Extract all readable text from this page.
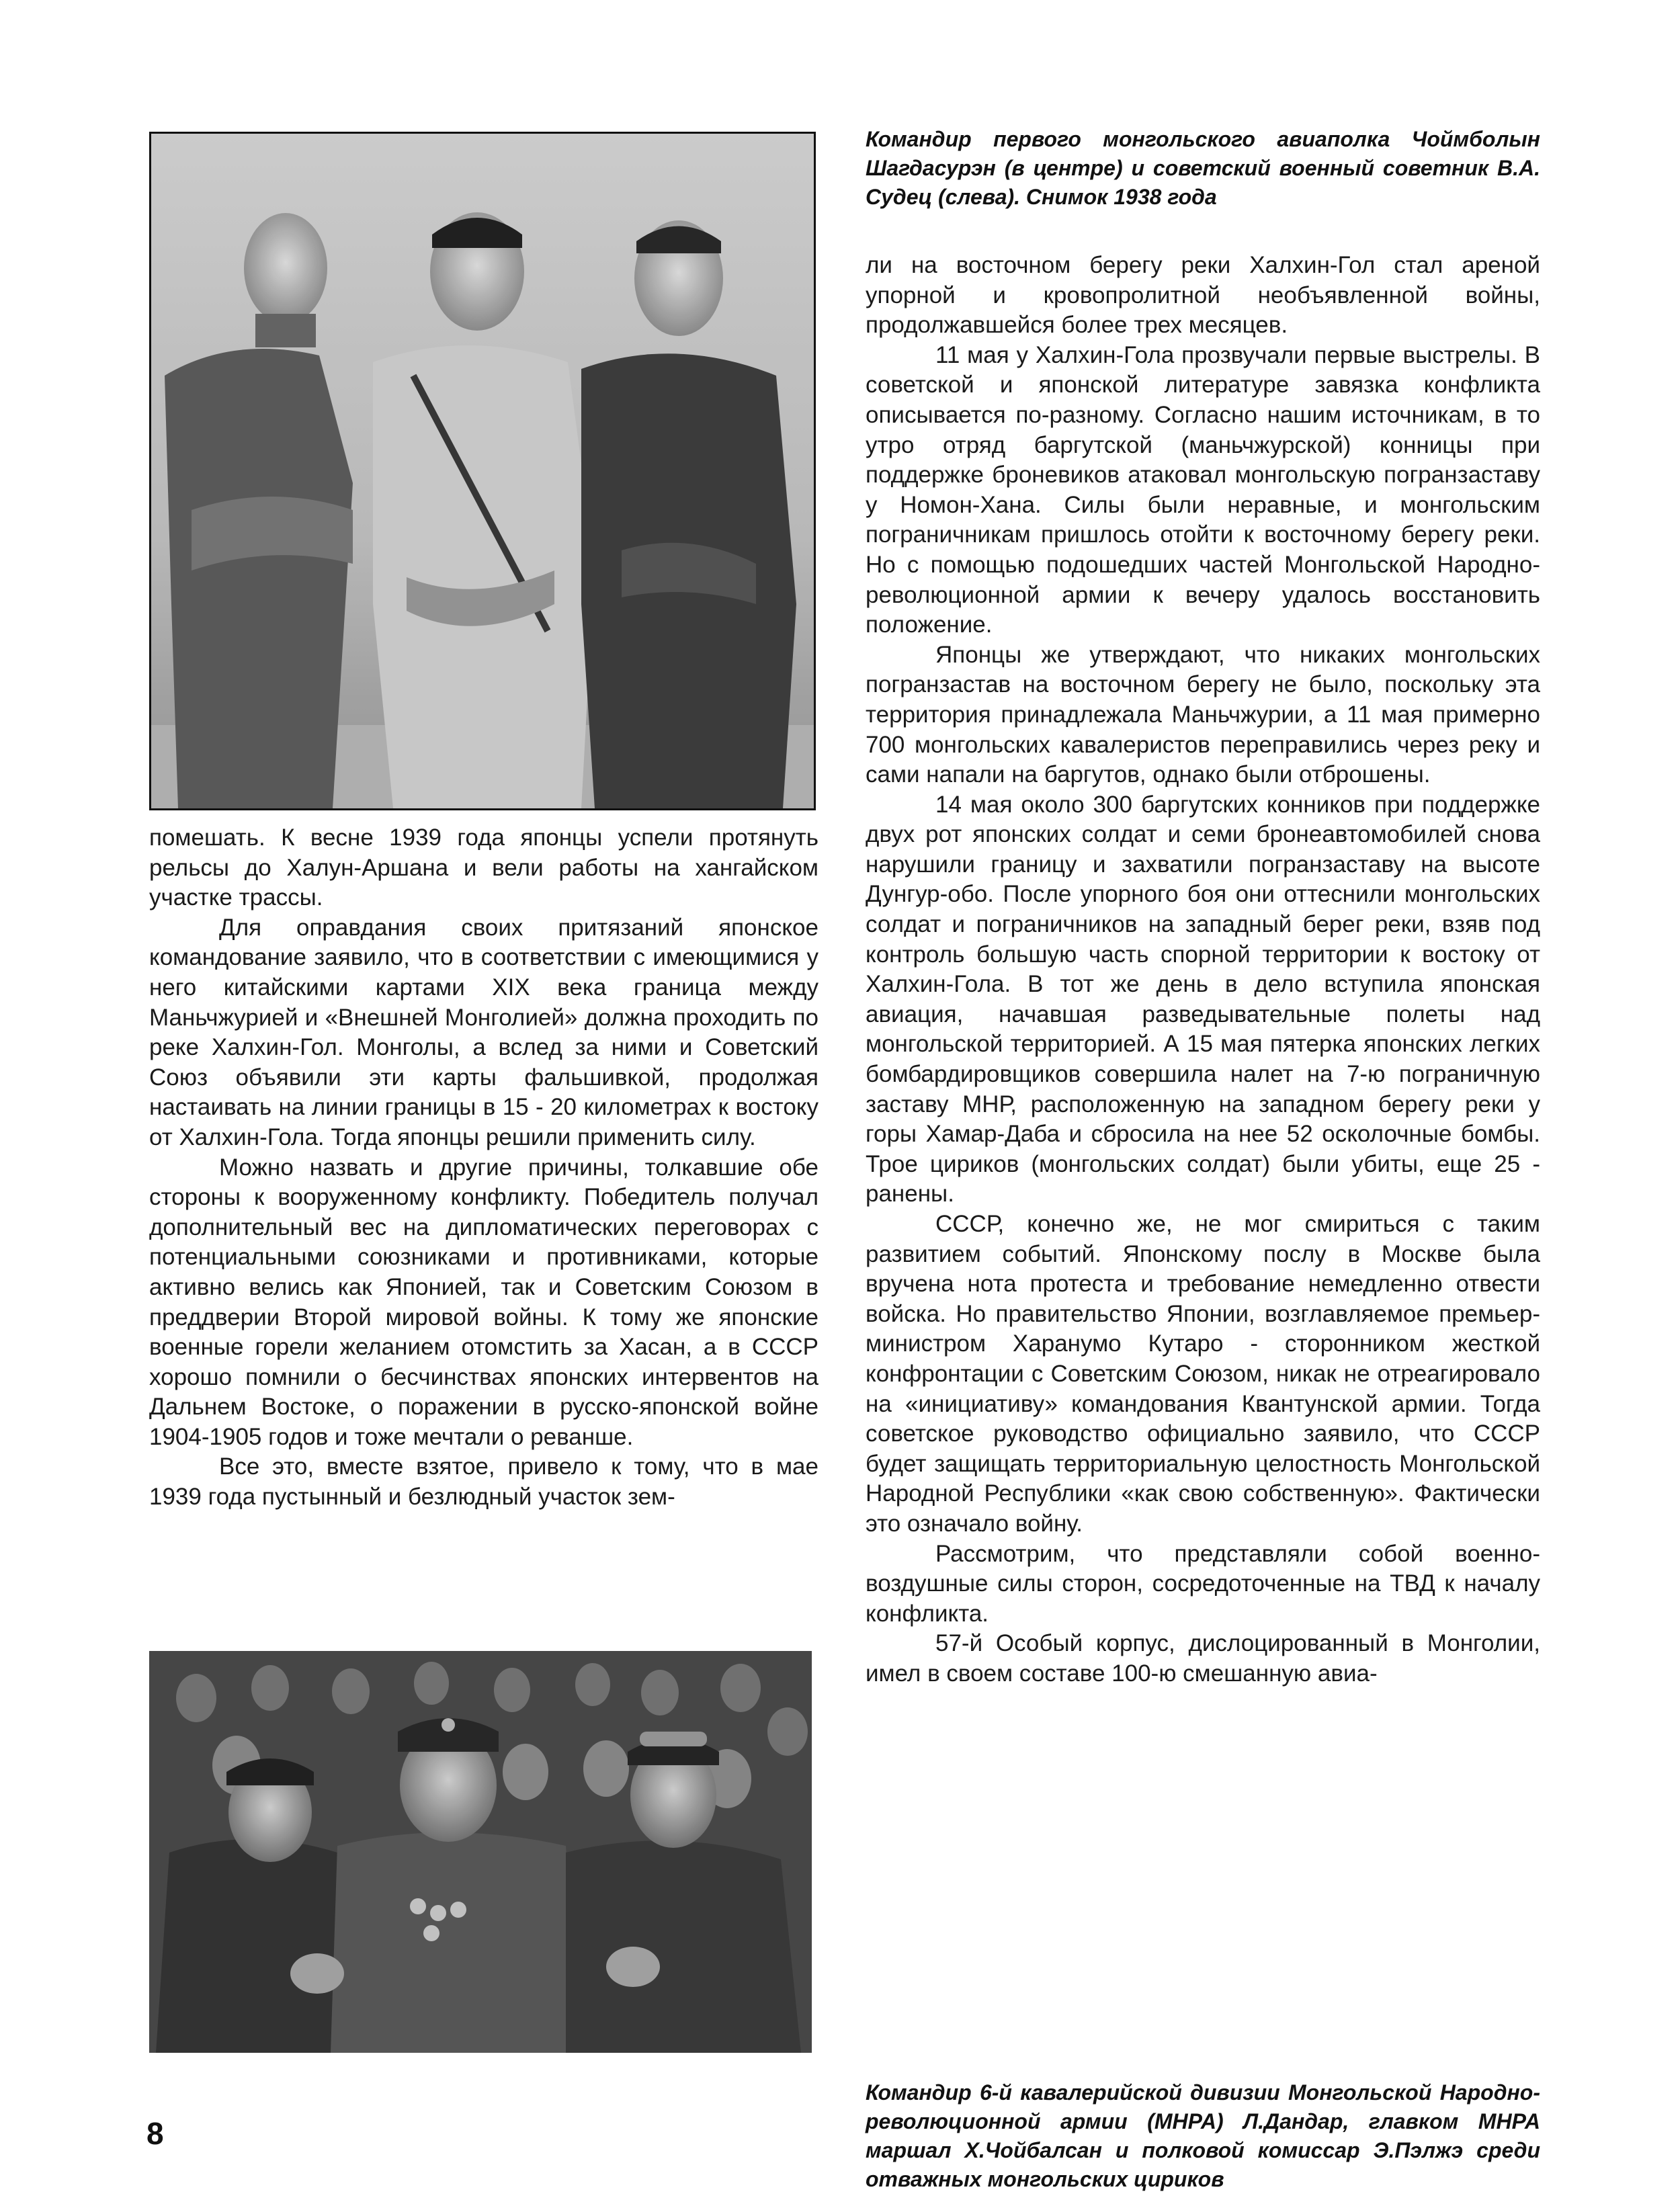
Командир первого монгольского авиаполка Чоймболын Шагдасурэн (в центре) и советский военный советник В.А. Судец (слева). Снимок 1938 года

ли на восточном берегу реки Халхин-Гол стал ареной упорной и кровопролитной необъявленной войны, продолжавшейся более трех месяцев.

11 мая у Халхин-Гола прозвучали первые выстрелы. В советской и японской литературе завязка конфликта описывается по-разному. Согласно нашим источникам, в то утро отряд баргутской (маньчжурской) конницы при поддержке броневиков атаковал монгольскую погранзаставу у Номон-Хана. Силы были неравные, и монгольским пограничникам пришлось отойти к восточному берегу реки. Но с помощью подошедших частей Монгольской Народно-революционной армии к вечеру удалось восстановить положение.

Японцы же утверждают, что никаких монгольских погранзастав на восточном берегу не было, поскольку эта территория принадлежала Маньчжурии, а 11 мая примерно 700 монгольских кавалеристов переправились через реку и сами напали на баргутов, однако были отброшены.

14 мая около 300 баргутских конников при поддержке двух рот японских солдат и семи бронеавтомобилей снова нарушили границу и захватили погранзаставу на высоте Дунгур-обо. После упорного боя они оттеснили монгольских солдат и пограничников на западный берег реки, взяв под контроль большую часть спорной территории к востоку от Халхин-Гола. В тот же день в дело вступила японская авиация, начавшая разведывательные полеты над монгольской территорией. А 15 мая пятерка японских легких бомбардировщиков совершила налет на 7-ю пограничную заставу МНР, расположенную на западном берегу реки у горы Хамар-Даба и сбросила на нее 52 осколочные бомбы. Трое цириков (монгольских солдат) были убиты, еще 25 - ранены.

СССР, конечно же, не мог смириться с таким развитием событий. Японскому послу в Москве была вручена нота протеста и требование немедленно отвести войска. Но правительство Японии, возглавляемое премьер-министром Харанумо Кутаро - сторонником жесткой конфронтации с Советским Союзом, никак не отреагировало на «инициативу» командования Квантунской армии. Тогда советское руководство официально заявило, что СССР будет защищать территориальную целостность Монгольской Народной Республики «как свою собственную». Фактически это означало войну.

Рассмотрим, что представляли собой военно-воздушные силы сторон, сосредоточенные на ТВД к началу конфликта.

57-й Особый корпус, дислоцированный в Монголии, имел в своем составе 100-ю смешанную авиа-

помешать. К весне 1939 года японцы успели протянуть рельсы до Халун-Аршана и вели работы на хангайском участке трассы.

Для оправдания своих притязаний японское командование заявило, что в соответствии с имеющимися у него китайскими картами XIX века граница между Маньчжурией и «Внешней Монголией» должна проходить по реке Халхин-Гол. Монголы, а вслед за ними и Советский Союз объявили эти карты фальшивкой, продолжая настаивать на линии границы в 15 - 20 километрах к востоку от Халхин-Гола. Тогда японцы решили применить силу.

Можно назвать и другие причины, толкавшие обе стороны к вооруженному конфликту. Победитель получал дополнительный вес на дипломатических переговорах с потенциальными союзниками и противниками, которые активно велись как Японией, так и Советским Союзом в преддверии Второй мировой войны. К тому же японские военные горели желанием отомстить за Хасан, а в СССР хорошо помнили о бесчинствах японских интервентов на Дальнем Востоке, о поражении в русско-японской войне 1904-1905 годов и тоже мечтали о реванше.

Все это, вместе взятое, привело к тому, что в мае 1939 года пустынный и безлюдный участок зем-

Командир 6-й кавалерийской дивизии Монгольской Народно-революционной армии (МНРА) Л.Дандар, главком МНРА маршал Х.Чойбалсан и полковой комиссар Э.Пэлжэ среди отважных монгольских цириков

8
